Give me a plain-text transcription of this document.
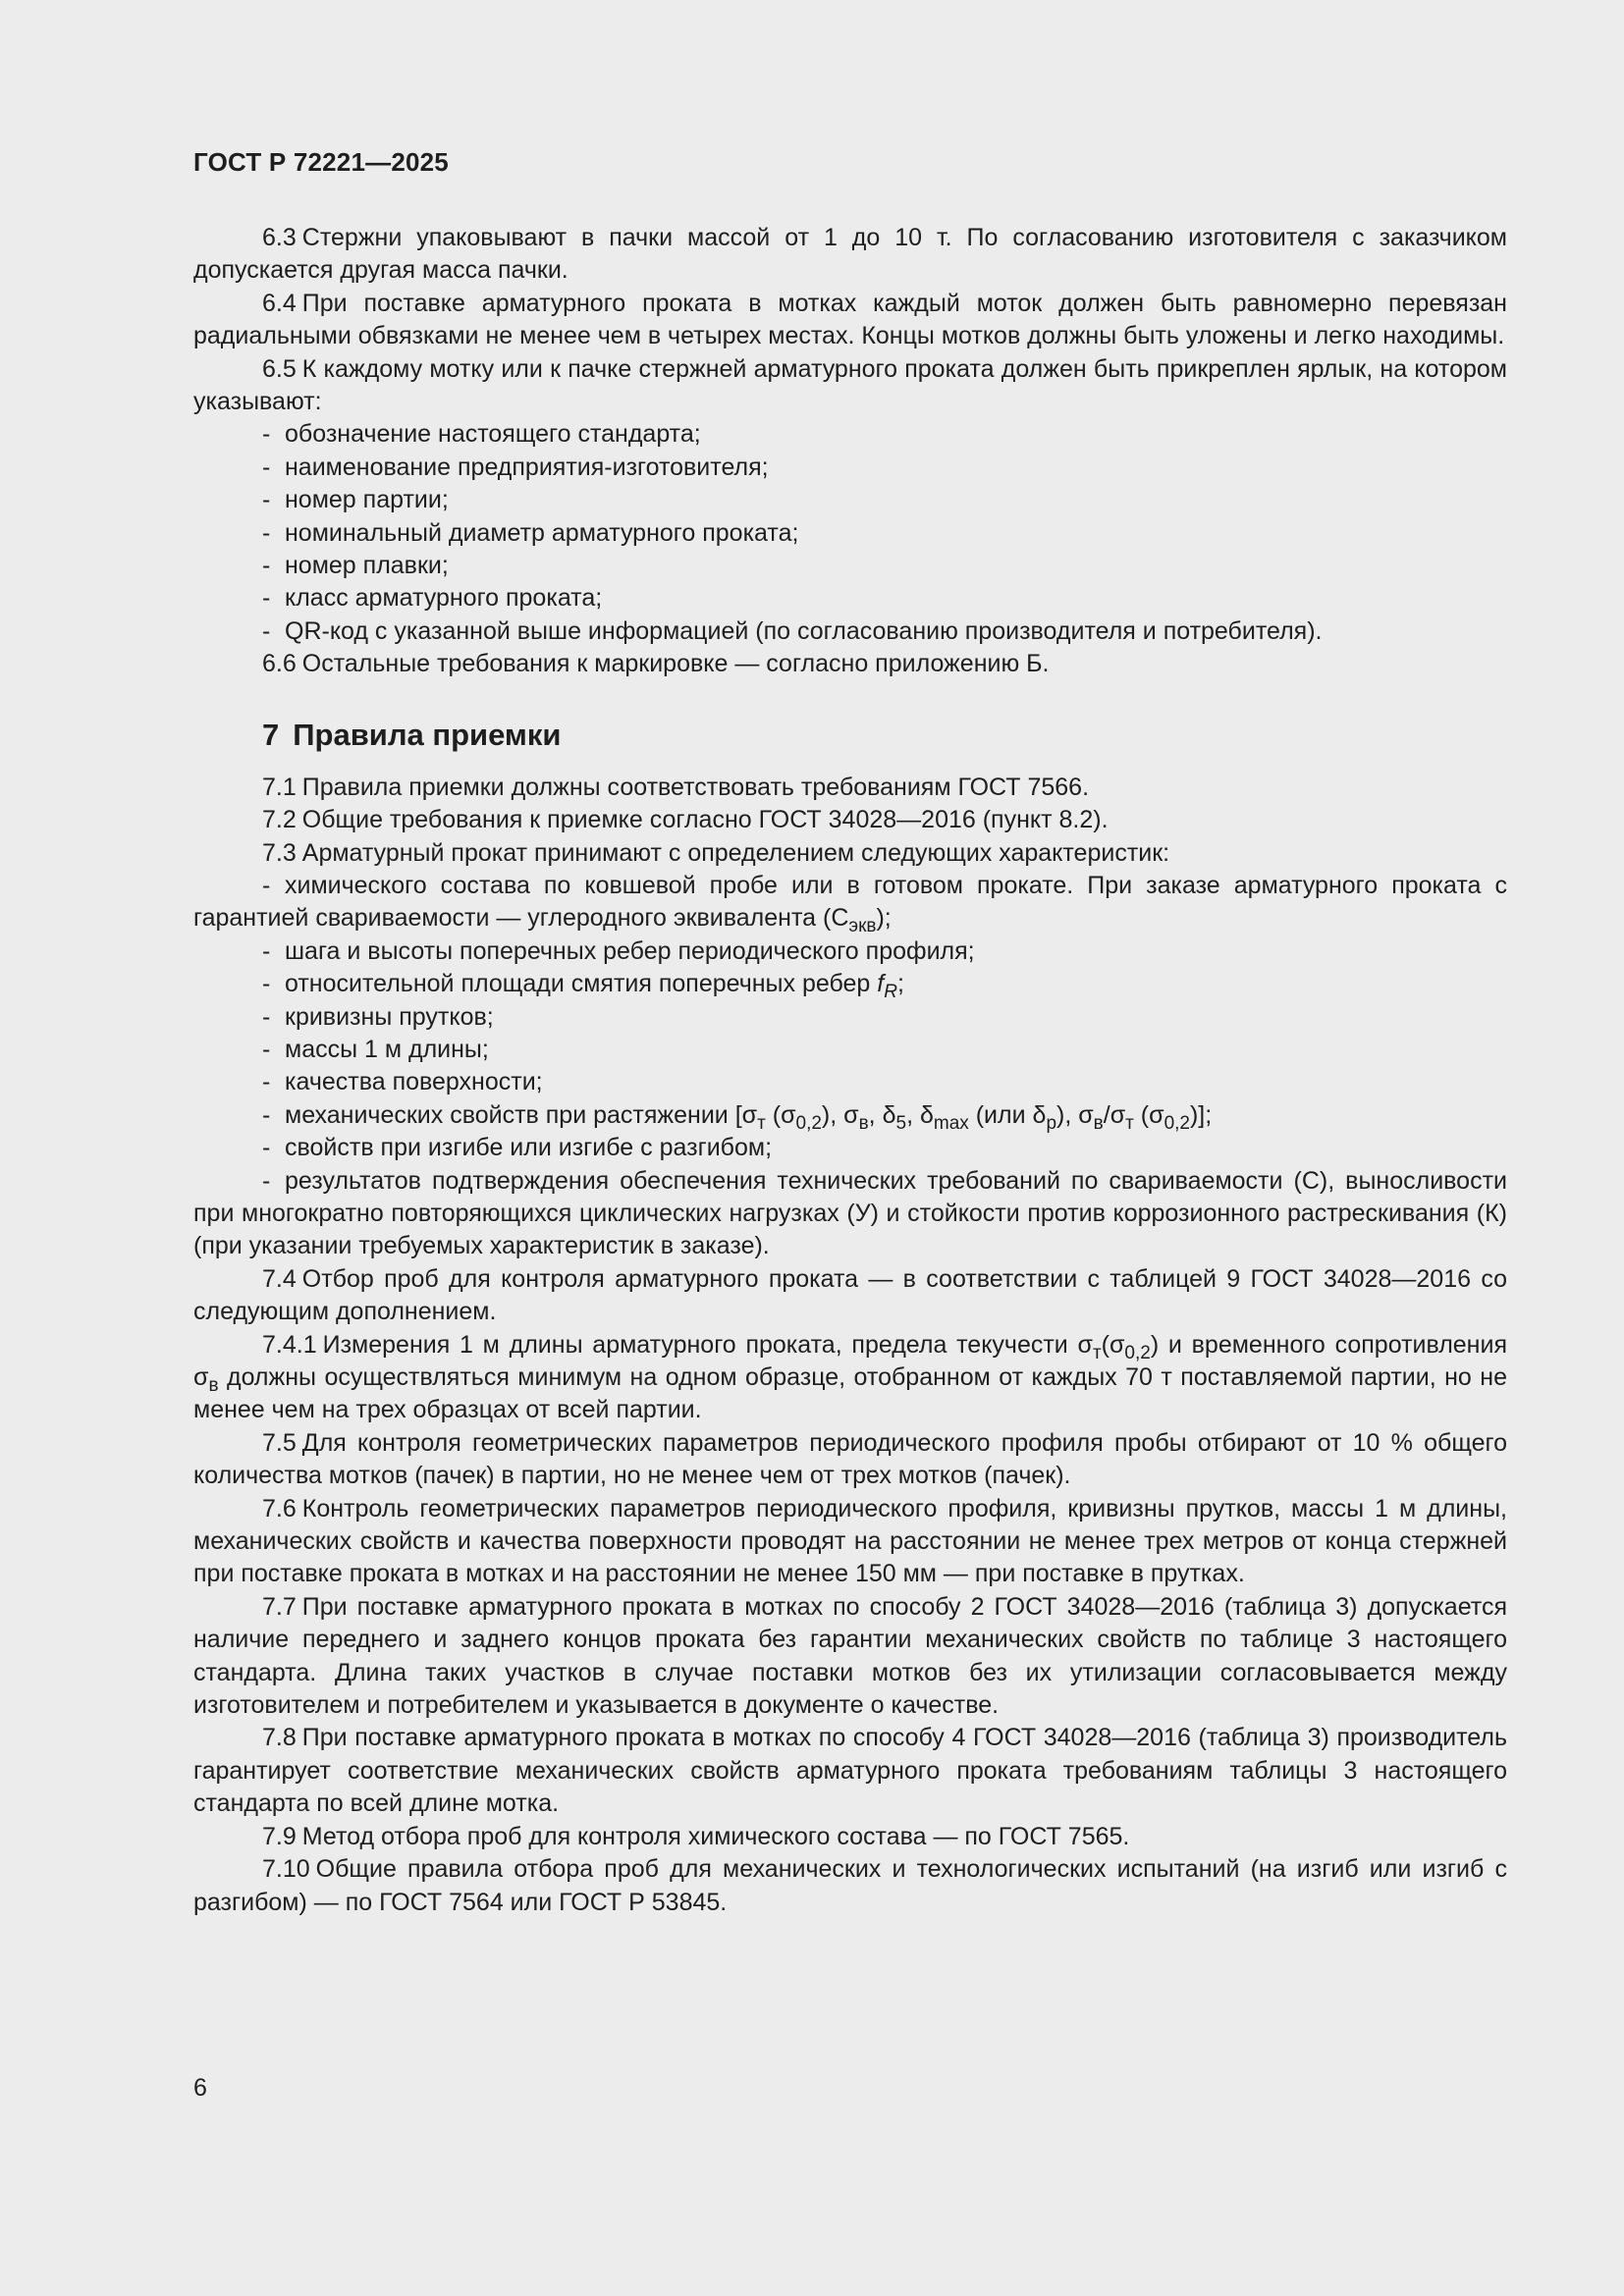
ГОСТ Р 72221—2025

6.3 Стержни упаковывают в пачки массой от 1 до 10 т. По согласованию изготовителя с заказчиком допускается другая масса пачки.

6.4 При поставке арматурного проката в мотках каждый моток должен быть равномерно перевязан радиальными обвязками не менее чем в четырех местах. Концы мотков должны быть уложены и легко находимы.

6.5 К каждому мотку или к пачке стержней арматурного проката должен быть прикреплен ярлык, на котором указывают:

- обозначение настоящего стандарта;

- наименование предприятия-изготовителя;

- номер партии;

- номинальный диаметр арматурного проката;

- номер плавки;

- класс арматурного проката;

- QR-код с указанной выше информацией (по согласованию производителя и потребителя).

6.6 Остальные требования к маркировке — согласно приложению Б.

7 Правила приемки

7.1 Правила приемки должны соответствовать требованиям ГОСТ 7566.

7.2 Общие требования к приемке согласно ГОСТ 34028—2016 (пункт 8.2).

7.3 Арматурный прокат принимают с определением следующих характеристик:

- химического состава по ковшевой пробе или в готовом прокате. При заказе арматурного проката с гарантией свариваемости — углеродного эквивалента $(С_{экв})$;

- шага и высоты поперечных ребер периодического профиля;

- относительной площади смятия поперечных ребер $f_R$;

- кривизны прутков;

- массы 1 м длины;

- качества поверхности;

- механических свойств при растяжении [$\sigma_т$ $(\sigma_{0,2})$, $\sigma_в$, $\delta_5$, $\delta_{max}$ (или $\delta_р$), $\sigma_в/\sigma_т$ $(\sigma_{0,2})$];

- свойств при изгибе или изгибе с разгибом;

- результатов подтверждения обеспечения технических требований по свариваемости (С), выносливости при многократно повторяющихся циклических нагрузках (У) и стойкости против коррозионного растрескивания (К) (при указании требуемых характеристик в заказе).

7.4 Отбор проб для контроля арматурного проката — в соответствии с таблицей 9 ГОСТ 34028—2016 со следующим дополнением.

7.4.1 Измерения 1 м длины арматурного проката, предела текучести $\sigma_т(\sigma_{0,2})$ и временного сопротивления $\sigma_в$ должны осуществляться минимум на одном образце, отобранном от каждых 70 т поставляемой партии, но не менее чем на трех образцах от всей партии.

7.5 Для контроля геометрических параметров периодического профиля пробы отбирают от 10 % общего количества мотков (пачек) в партии, но не менее чем от трех мотков (пачек).

7.6 Контроль геометрических параметров периодического профиля, кривизны прутков, массы 1 м длины, механических свойств и качества поверхности проводят на расстоянии не менее трех метров от конца стержней при поставке проката в мотках и на расстоянии не менее 150 мм — при поставке в прутках.

7.7 При поставке арматурного проката в мотках по способу 2 ГОСТ 34028—2016 (таблица 3) допускается наличие переднего и заднего концов проката без гарантии механических свойств по таблице 3 настоящего стандарта. Длина таких участков в случае поставки мотков без их утилизации согласовывается между изготовителем и потребителем и указывается в документе о качестве.

7.8 При поставке арматурного проката в мотках по способу 4 ГОСТ 34028—2016 (таблица 3) производитель гарантирует соответствие механических свойств арматурного проката требованиям таблицы 3 настоящего стандарта по всей длине мотка.

7.9 Метод отбора проб для контроля химического состава — по ГОСТ 7565.

7.10 Общие правила отбора проб для механических и технологических испытаний (на изгиб или изгиб с разгибом) — по ГОСТ 7564 или ГОСТ Р 53845.

6
